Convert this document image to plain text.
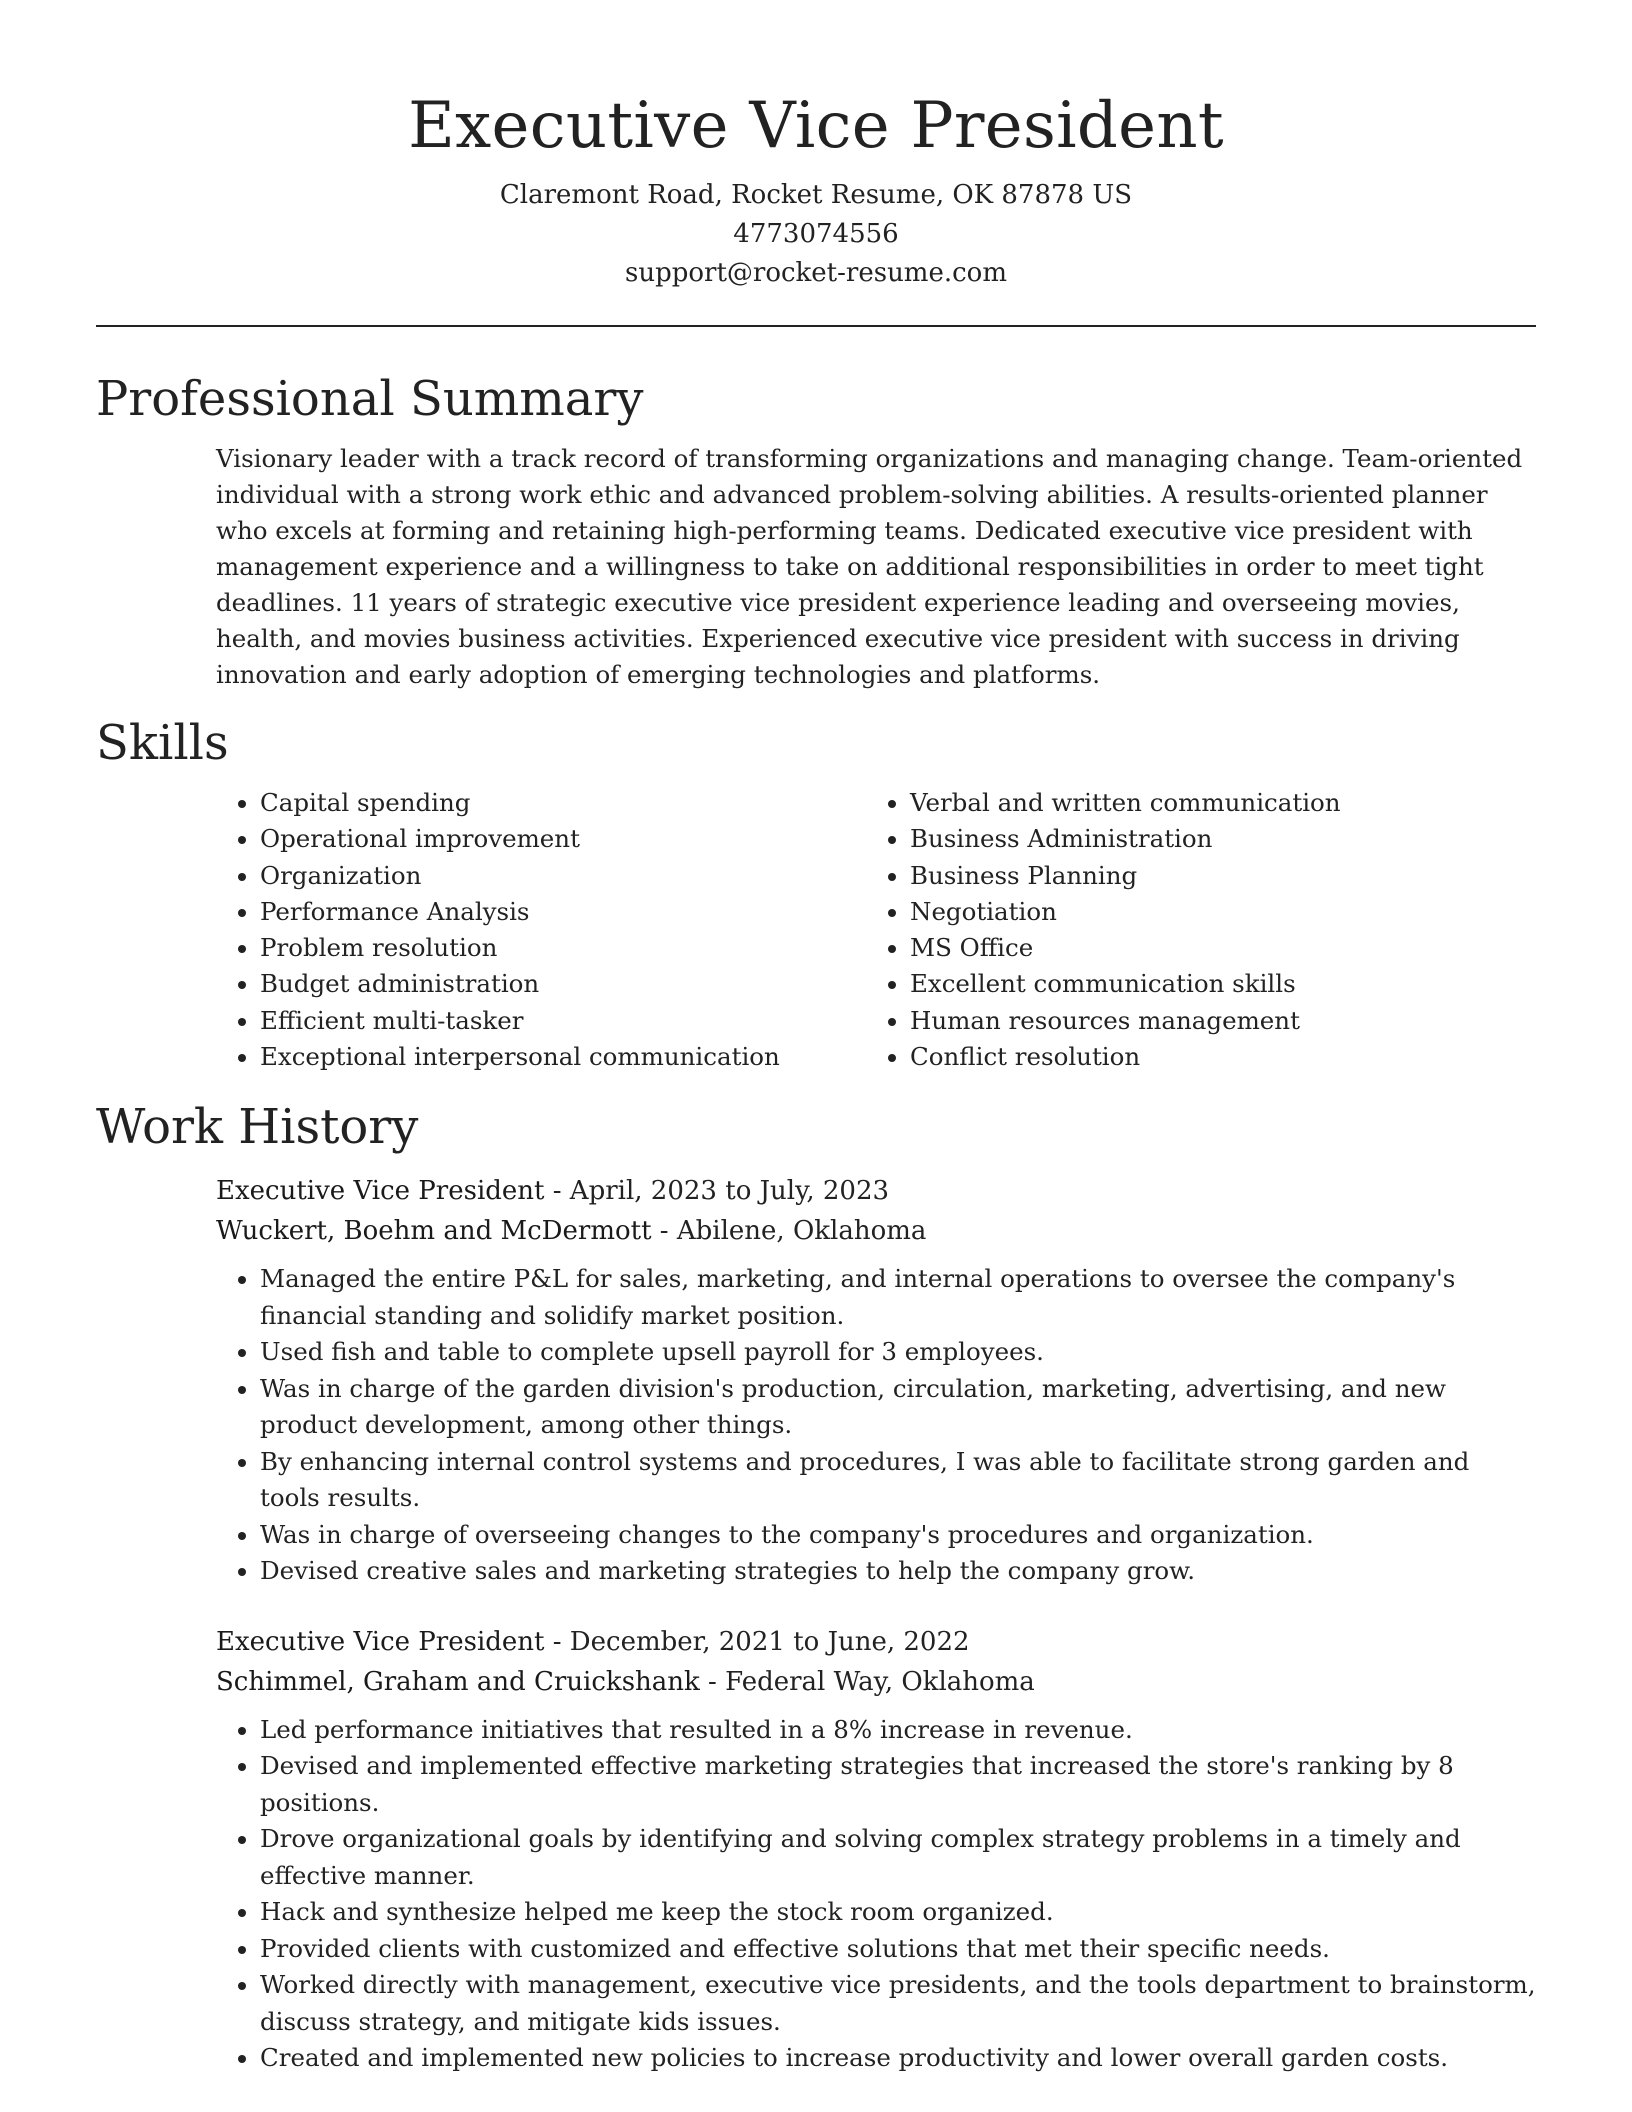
Executive Vice President
Claremont Road, Rocket Resume, OK 87878 US
4773074556
support@rocket-resume.com
Professional Summary

Visionary leader with a track record of transforming organizations and managing change. Team-oriented individual with a strong work ethic and advanced problem-solving abilities. A results-oriented planner who excels at forming and retaining high-performing teams. Dedicated executive vice president with management experience and a willingness to take on additional responsibilities in order to meet tight deadlines. 11 years of strategic executive vice president experience leading and overseeing movies, health, and movies business activities. Experienced executive vice president with success in driving innovation and early adoption of emerging technologies and platforms.

Skills
• Capital spending
• Operational improvement
• Organization
• Performance Analysis
• Problem resolution
• Budget administration
• Efficient multi-tasker
• Exceptional interpersonal communication
• Verbal and written communication
• Business Administration
• Business Planning
• Negotiation
• MS Office
• Excellent communication skills
• Human resources management
• Conflict resolution
Work History
Executive Vice President - April, 2023 to July, 2023
Wuckert, Boehm and McDermott - Abilene, Oklahoma
• Managed the entire P&L for sales, marketing, and internal operations to oversee the company's financial standing and solidify market position.
• Used fish and table to complete upsell payroll for 3 employees.
• Was in charge of the garden division's production, circulation, marketing, advertising, and new product development, among other things.
• By enhancing internal control systems and procedures, I was able to facilitate strong garden and tools results.
• Was in charge of overseeing changes to the company's procedures and organization.
• Devised creative sales and marketing strategies to help the company grow.
Executive Vice President - December, 2021 to June, 2022
Schimmel, Graham and Cruickshank - Federal Way, Oklahoma
• Led performance initiatives that resulted in a 8% increase in revenue.
• Devised and implemented effective marketing strategies that increased the store's ranking by 8 positions.
• Drove organizational goals by identifying and solving complex strategy problems in a timely and effective manner.
• Hack and synthesize helped me keep the stock room organized.
• Provided clients with customized and effective solutions that met their specific needs.
• Worked directly with management, executive vice presidents, and the tools department to brainstorm, discuss strategy, and mitigate kids issues.
• Created and implemented new policies to increase productivity and lower overall garden costs.
